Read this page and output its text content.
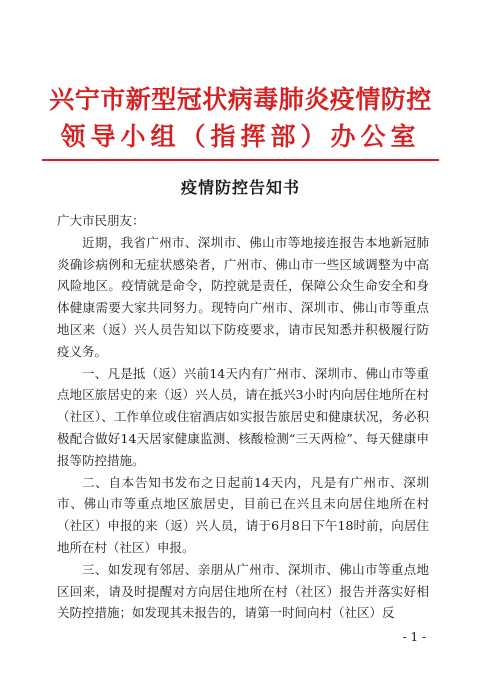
兴宁市新型冠状病毒肺炎疫情防控
领导小组（指挥部）办公室
疫情防控告知书

广大市民朋友：

近期，我省广州市、深圳市、佛山市等地接连报告本地新冠肺炎确诊病例和无症状感染者，广州市、佛山市一些区域调整为中高风险地区。疫情就是命令，防控就是责任，保障公众生命安全和身体健康需要大家共同努力。现特向广州市、深圳市、佛山市等重点地区来（返）兴人员告知以下防疫要求，请市民知悉并积极履行防疫义务。

一、凡是抵（返）兴前14天内有广州市、深圳市、佛山市等重点地区旅居史的来（返）兴人员，请在抵兴3小时内向居住地所在村（社区）、工作单位或住宿酒店如实报告旅居史和健康状况，务必积极配合做好14天居家健康监测、核酸检测“三天两检”、每天健康申报等防控措施。

二、自本告知书发布之日起前14天内，凡是有广州市、深圳市、佛山市等重点地区旅居史，目前已在兴且未向居住地所在村（社区）申报的来（返）兴人员，请于6月8日下午18时前，向居住地所在村（社区）申报。

三、如发现有邻居、亲朋从广州市、深圳市、佛山市等重点地区回来，请及时提醒对方向居住地所在村（社区）报告并落实好相关防控措施；如发现其未报告的，请第一时间向村（社区）反

- 1 -
